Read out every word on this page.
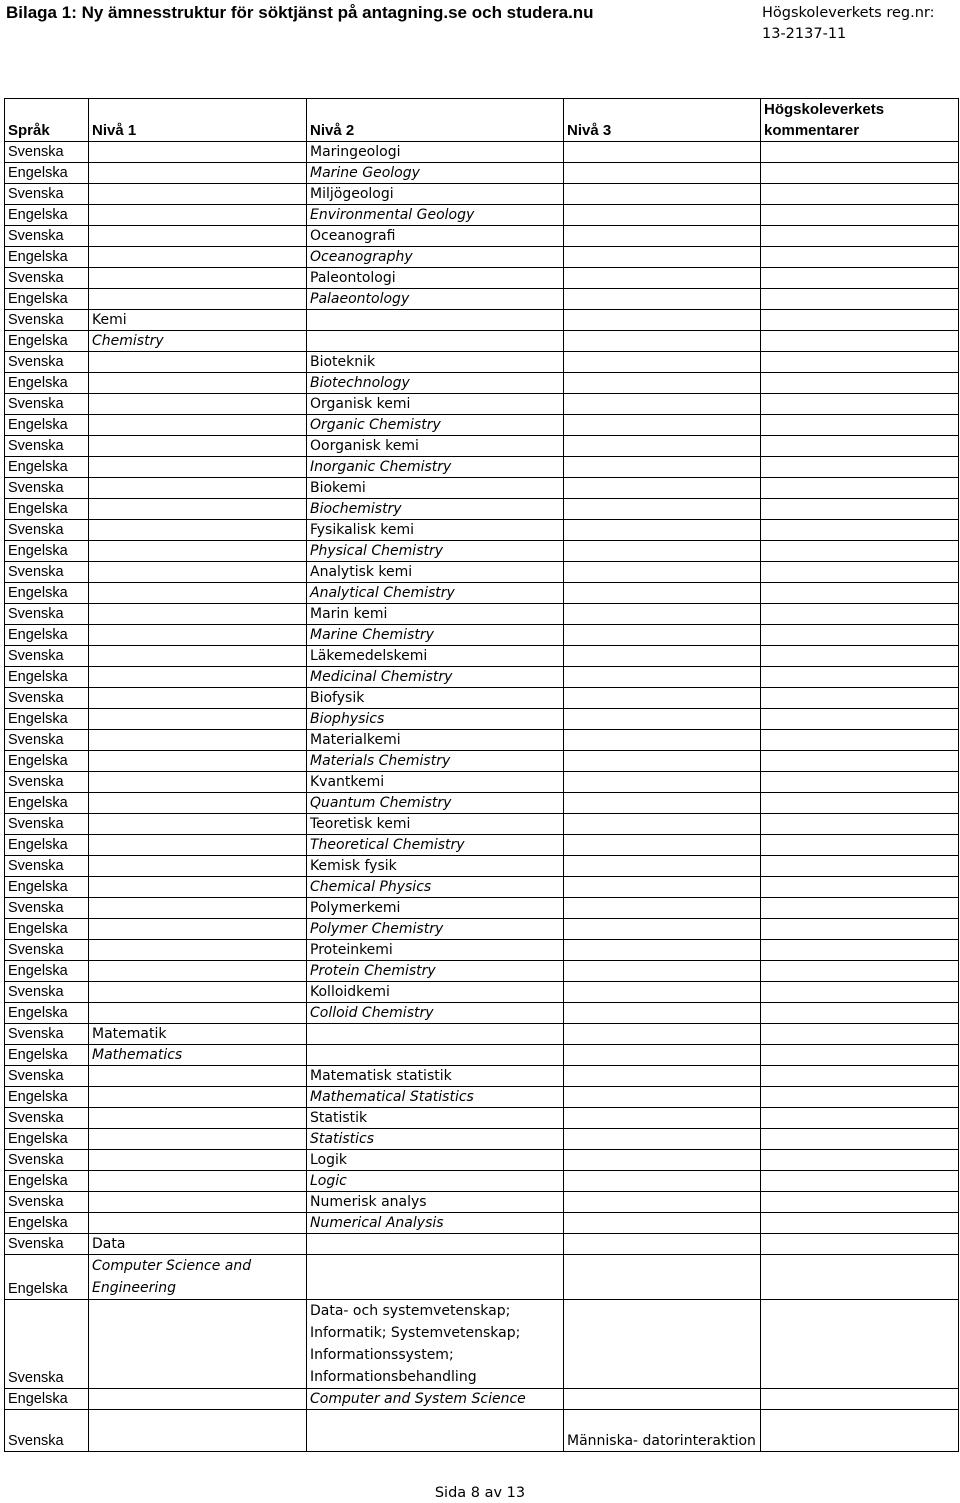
Bilaga 1: Ny ämnesstruktur för söktjänst på antagning.se och studera.nu	Högskoleverkets reg.nr:
13-2137-11
Språk	Nivå 1	Nivå 2	Nivå 3	Högskoleverkets kommentarer
Svenska		Maringeologi		
Engelska		Marine Geology		
Svenska		Miljögeologi		
Engelska		Environmental Geology		
Svenska		Oceanografi		
Engelska		Oceanography		
Svenska		Paleontologi		
Engelska		Palaeontology		
Svenska	Kemi			
Engelska	Chemistry			
Svenska		Bioteknik		
Engelska		Biotechnology		
Svenska		Organisk kemi		
Engelska		Organic Chemistry		
Svenska		Oorganisk kemi		
Engelska		Inorganic Chemistry		
Svenska		Biokemi		
Engelska		Biochemistry		
Svenska		Fysikalisk kemi		
Engelska		Physical Chemistry		
Svenska		Analytisk kemi		
Engelska		Analytical Chemistry		
Svenska		Marin kemi		
Engelska		Marine Chemistry		
Svenska		Läkemedelskemi		
Engelska		Medicinal Chemistry		
Svenska		Biofysik		
Engelska		Biophysics		
Svenska		Materialkemi		
Engelska		Materials Chemistry		
Svenska		Kvantkemi		
Engelska		Quantum Chemistry		
Svenska		Teoretisk kemi		
Engelska		Theoretical Chemistry		
Svenska		Kemisk fysik		
Engelska		Chemical Physics		
Svenska		Polymerkemi		
Engelska		Polymer Chemistry		
Svenska		Proteinkemi		
Engelska		Protein Chemistry		
Svenska		Kolloidkemi		
Engelska		Colloid Chemistry		
Svenska	Matematik			
Engelska	Mathematics			
Svenska		Matematisk statistik		
Engelska		Mathematical Statistics		
Svenska		Statistik		
Engelska		Statistics		
Svenska		Logik		
Engelska		Logic		
Svenska		Numerisk analys		
Engelska		Numerical Analysis		
Svenska	Data			
Engelska	Computer Science and Engineering			
Svenska		Data- och systemvetenskap; Informatik; Systemvetenskap; Informationssystem; Informationsbehandling		
Engelska		Computer and System Science		
Svenska			Människa- datorinteraktion	
Sida 8 av 13
